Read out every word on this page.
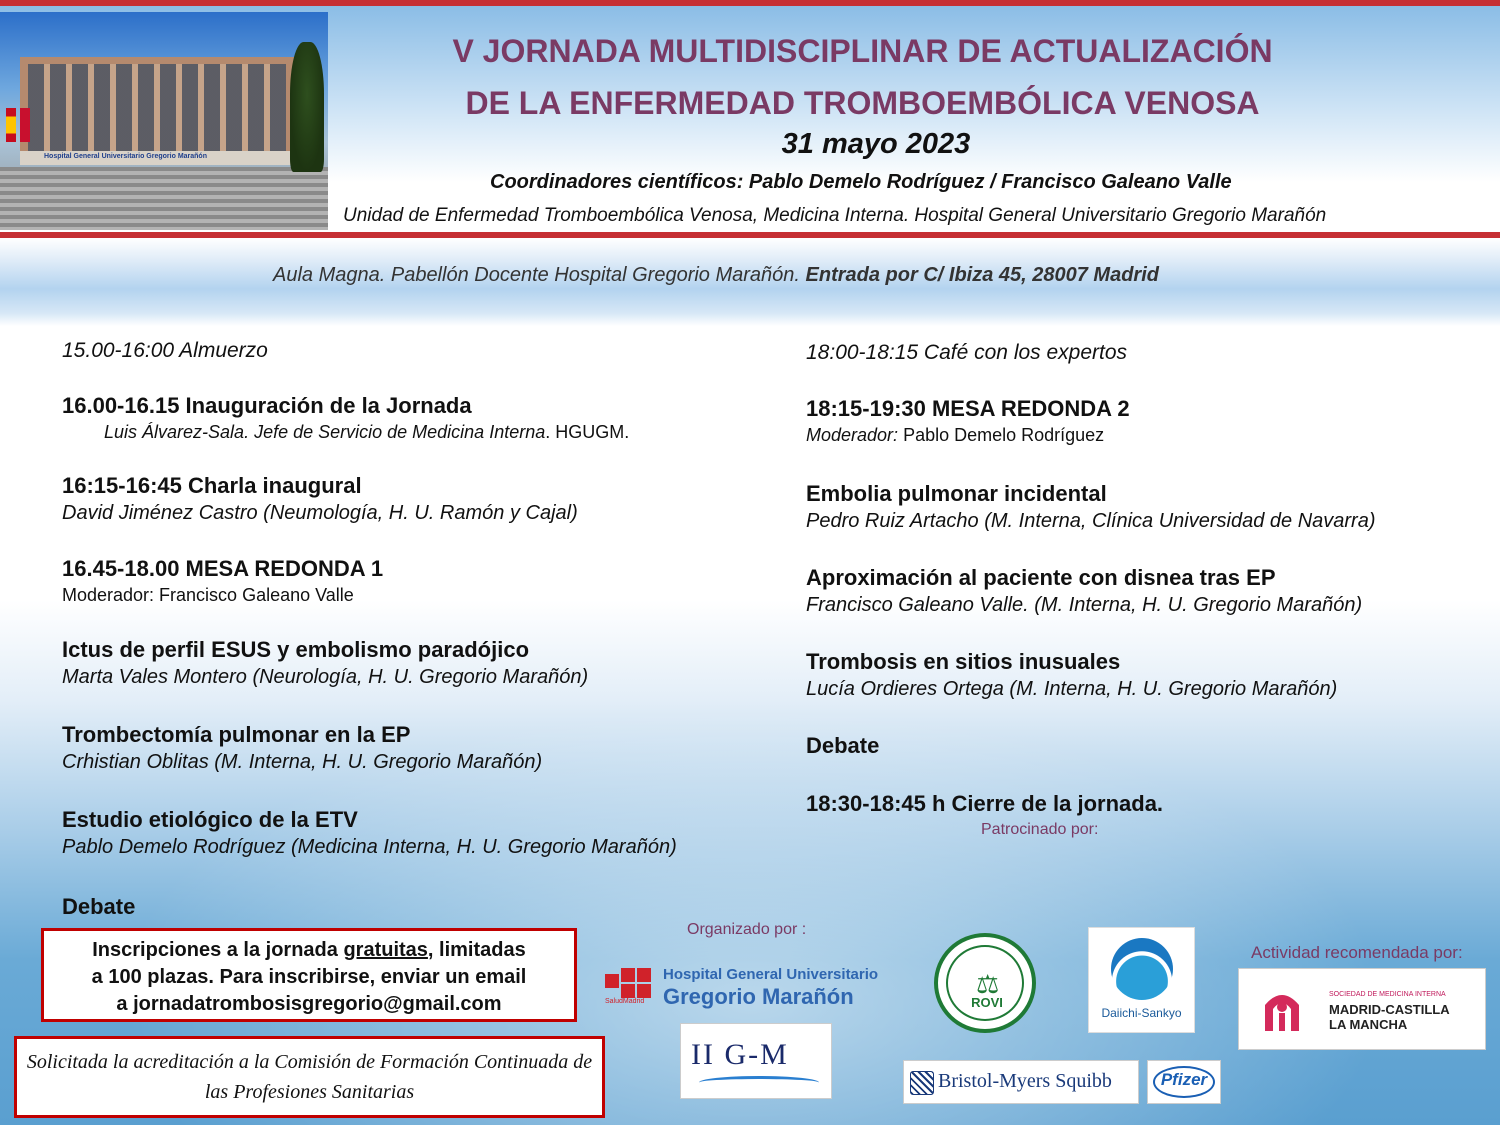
Hospital General Universitario Gregorio Marañón
V JORNADA MULTIDISCIPLINAR DE ACTUALIZACIÓN
DE LA ENFERMEDAD TROMBOEMBÓLICA VENOSA
31 mayo 2023
Coordinadores científicos: Pablo Demelo Rodríguez / Francisco Galeano Valle
Unidad de Enfermedad Tromboembólica Venosa, Medicina Interna. Hospital General Universitario Gregorio Marañón
Aula Magna. Pabellón Docente Hospital Gregorio Marañón. Entrada por C/ Ibiza 45, 28007 Madrid
15.00-16:00 Almuerzo
16.00-16.15 Inauguración de la Jornada
Luis Álvarez-Sala. Jefe de Servicio de Medicina Interna. HGUGM.
16:15-16:45 Charla inaugural
David Jiménez Castro (Neumología, H. U. Ramón y Cajal)
16.45-18.00 MESA REDONDA 1
Moderador: Francisco Galeano Valle
Ictus de perfil ESUS y embolismo paradójico
Marta Vales Montero (Neurología, H. U. Gregorio Marañón)
Trombectomía pulmonar en la EP
Crhistian Oblitas (M. Interna, H. U. Gregorio Marañón)
Estudio etiológico de la ETV
Pablo Demelo Rodríguez (Medicina Interna, H. U. Gregorio Marañón)
Debate
18:00-18:15 Café con los expertos
18:15-19:30 MESA REDONDA 2
Moderador: Pablo Demelo Rodríguez
Embolia pulmonar incidental
Pedro Ruiz Artacho (M. Interna, Clínica Universidad de Navarra)
Aproximación al paciente con disnea tras EP
Francisco Galeano Valle. (M. Interna, H. U. Gregorio Marañón)
Trombosis en sitios inusuales
Lucía Ordieres Ortega (M. Interna, H. U. Gregorio Marañón)
Debate
18:30-18:45 h Cierre de la jornada.
Patrocinado por:
Inscripciones a la jornada gratuitas, limitadas
a 100 plazas. Para inscribirse, enviar un email
a jornadatrombosisgregorio@gmail.com
Solicitada la acreditación a la Comisión de Formación Continuada de
las Profesiones Sanitarias
Organizado por :
SaludMadrid
Hospital General Universitario
Gregorio Marañón	⚖
ROVI
Daiichi-Sankyo
Actividad recomendada por:
SOCIEDAD DE MEDICINA INTERNA
MADRID-CASTILLA
LA MANCHA
II G-M
Bristol-Myers Squibb	Pfizer
